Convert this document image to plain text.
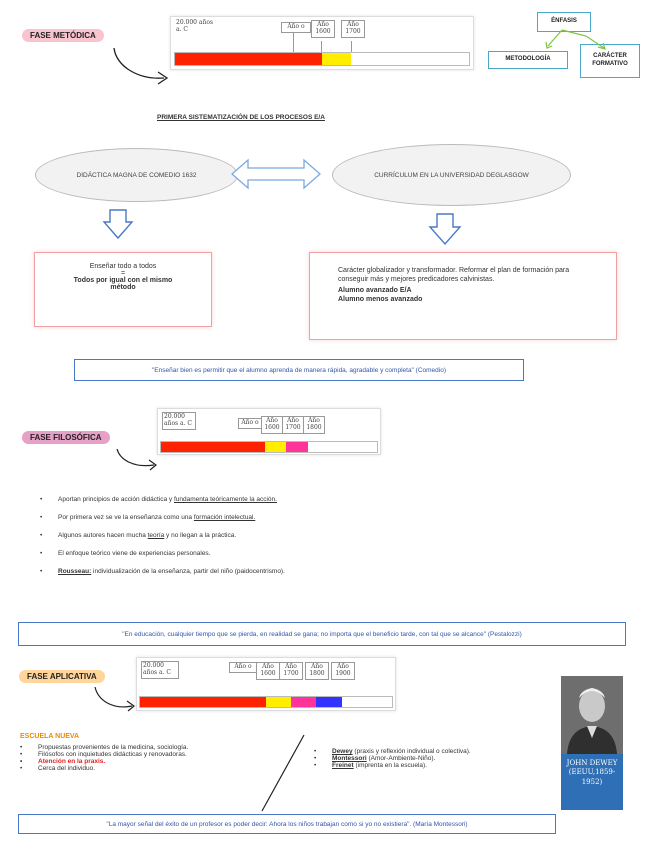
FASE METÓDICA
20.000 años a. C	Año o	Año 1600
Año 1700
ÉNFASIS
METODOLOGÍA	CARÁCTER FORMATIVO
PRIMERA SISTEMATIZACIÓN DE LOS PROCESOS E/A
DIDÁCTICA MAGNA DE COMEDIO 1632	CURRÍCULUM EN LA UNIVERSIDAD DEGLASGOW
Enseñar todo a todos
=
Todos por igual con el mismo método
Carácter globalizador y transformador. Reformar el plan de formación para conseguir más y mejores predicadores calvinistas.
Alumno avanzado E/A
Alumno menos avanzado
"Enseñar bien es permitir que el alumno aprenda de manera rápida, agradable y completa" (Comedio)
FASE FILOSÓFICA
20.000 años a. C	Año o	Año 1600
Año 1700
Año 1800
• Aportan principios de acción didáctica y fundamenta teóricamente la acción.
• Por primera vez se ve la enseñanza como una formación intelectual.
• Algunos autores hacen mucha teoría y no llegan a la práctica.
• El enfoque teórico viene de experiencias personales.
• Rousseau: individualización de la enseñanza, partir del niño (paidocentrismo).
"En educación, cualquier tiempo que se pierda, en realidad se gana; no importa que el beneficio tarde, con tal que se alcance" (Pestalozzi)
FASE APLICATIVA
20.000 años a. C
Año o	Año 1600
Año 1700
Año 1800
Año 1900
ESCUELA NUEVA
• Propuestas provenientes de la medicina, sociología.
• Filósofos con inquietudes didácticas y renovadoras.
• Atención en la praxis.
• Cerca del individuo.
• Dewey (praxis y reflexión individual o colectiva).
• Montessori (Amor-Ambiente-Niño).
• Freinet (imprenta en la escuela).	JOHN DEWEY (EEUU,1859-1952)
"La mayor señal del éxito de un profesor es poder decir: Ahora los niños trabajan como si yo no existiera". (María Montessori)
